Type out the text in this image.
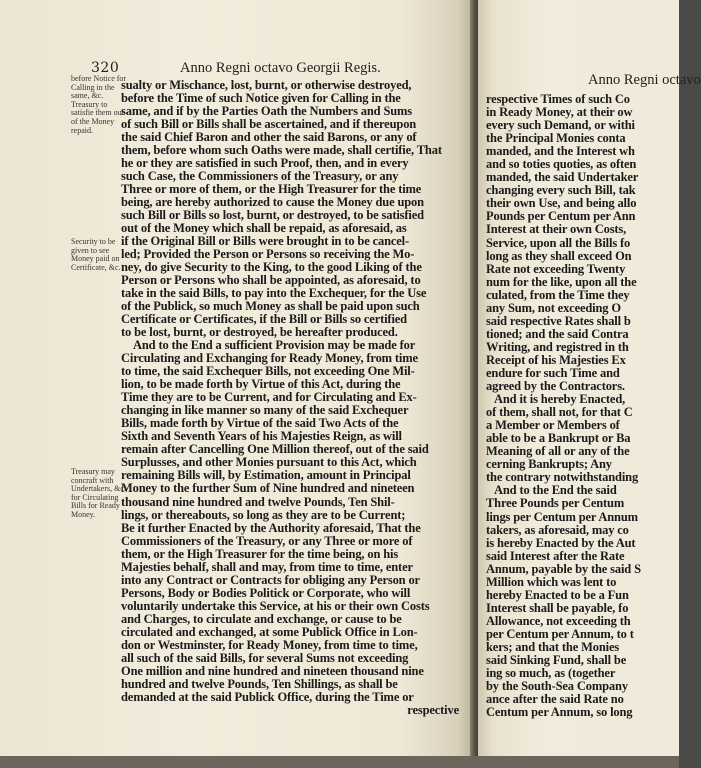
320	Anno Regni octavo Georgii Regis.
before Notice for Calling in the same, &c. Treasury to satisfie them out of the Money repaid.
Security to be given to see Money paid on Certificate, &c.
Treasury may concraft with Undertakers, &c. for Circulating Bills for Ready Money.
sualty or Mischance, lost, burnt, or otherwise destroyed,
before the Time of such Notice given for Calling in the
same, and if by the Parties Oath the Numbers and Sums
of such Bill or Bills shall be ascertained, and if thereupon
the said Chief Baron and other the said Barons, or any of
them, before whom such Oaths were made, shall certifie, That
he or they are satisfied in such Proof, then, and in every
such Case, the Commissioners of the Treasury, or any
Three or more of them, or the High Treasurer for the time
being, are hereby authorized to cause the Money due upon
such Bill or Bills so lost, burnt, or destroyed, to be satisfied
out of the Money which shall be repaid, as aforesaid, as
if the Original Bill or Bills were brought in to be cancel-
led; Provided the Person or Persons so receiving the Mo-
ney, do give Security to the King, to the good Liking of the
Person or Persons who shall be appointed, as aforesaid, to
take in the said Bills, to pay into the Exchequer, for the Use
of the Publick, so much Money as shall be paid upon such
Certificate or Certificates, if the Bill or Bills so certified
to be lost, burnt, or destroyed, be hereafter produced.
And to the End a sufficient Provision may be made for
Circulating and Exchanging for Ready Money, from time
to time, the said Exchequer Bills, not exceeding One Mil-
lion, to be made forth by Virtue of this Act, during the
Time they are to be Current, and for Circulating and Ex-
changing in like manner so many of the said Exchequer
Bills, made forth by Virtue of the said Two Acts of the
Sixth and Seventh Years of his Majesties Reign, as will
remain after Cancelling One Million thereof, out of the said
Surplusses, and other Monies pursuant to this Act, which
remaining Bills will, by Estimation, amount in Principal
Money to the further Sum of Nine hundred and nineteen
thousand nine hundred and twelve Pounds, Ten Shil-
lings, or thereabouts, so long as they are to be Current;
Be it further Enacted by the Authority aforesaid, That the
Commissioners of the Treasury, or any Three or more of
them, or the High Treasurer for the time being, on his
Majesties behalf, shall and may, from time to time, enter
into any Contract or Contracts for obliging any Person or
Persons, Body or Bodies Politick or Corporate, who will
voluntarily undertake this Service, at his or their own Costs
and Charges, to circulate and exchange, or cause to be
circulated and exchanged, at some Publick Office in Lon-
don or Westminster, for Ready Money, from time to time,
all such of the said Bills, for several Sums not exceeding
One million and nine hundred and nineteen thousand nine
hundred and twelve Pounds, Ten Shillings, as shall be
demanded at the said Publick Office, during the Time or
respective
Anno Regni octavo
respective Times of such Co
in Ready Money, at their ow
every such Demand, or withi
the Principal Monies conta
manded, and the Interest wh
and so toties quoties, as often
manded, the said Undertaker
changing every such Bill, tak
their own Use, and being allo
Pounds per Centum per Ann
Interest at their own Costs,
Service, upon all the Bills fo
long as they shall exceed On
Rate not exceeding Twenty
num for the like, upon all the
culated, from the Time they
any Sum, not exceeding O
said respective Rates shall b
tioned; and the said Contra
Writing, and registred in th
Receipt of his Majesties Ex
endure for such Time and
agreed by the Contractors.
And it is hereby Enacted,
of them, shall not, for that C
a Member or Members of
able to be a Bankrupt or Ba
Meaning of all or any of the
cerning Bankrupts; Any
the contrary notwithstanding
And to the End the said
Three Pounds per Centum
lings per Centum per Annum
takers, as aforesaid, may co
is hereby Enacted by the Aut
said Interest after the Rate
Annum, payable by the said S
Million which was lent to
hereby Enacted to be a Fun
Interest shall be payable, fo
Allowance, not exceeding th
per Centum per Annum, to t
kers; and that the Monies
said Sinking Fund, shall be
ing so much, as (together
by the South-Sea Company
ance after the said Rate no
Centum per Annum, so long
